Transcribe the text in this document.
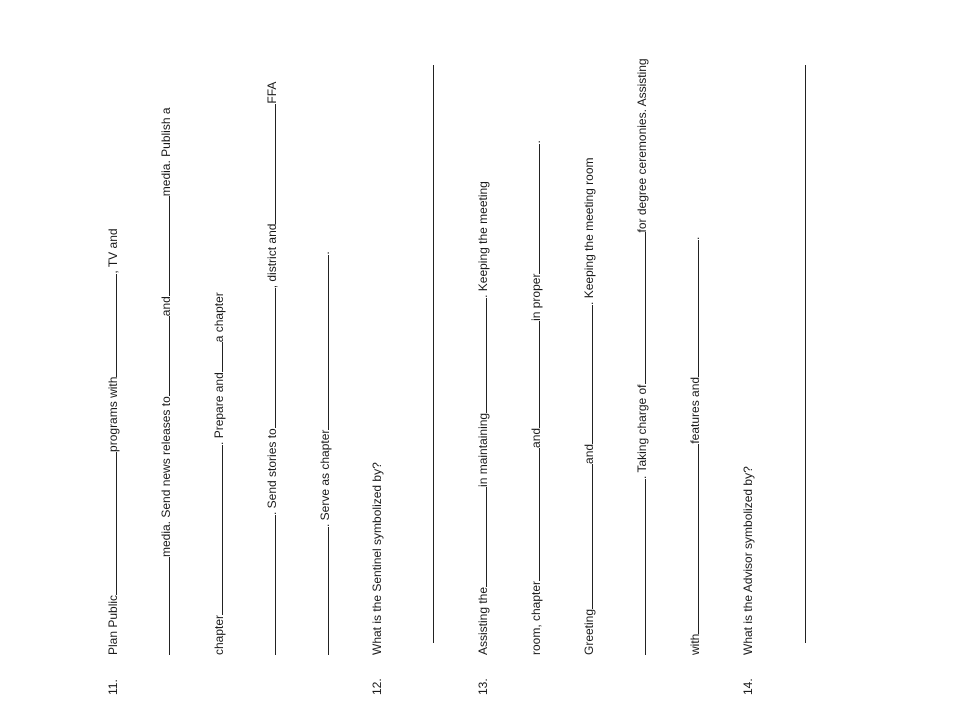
11.
Plan Publicprograms with, TV and
media. Send news releases toandmedia. Publish a
chapter. Prepare anda chapter
. Send stories to, district andFFA
. Serve as chapter.
12.
What is the Sentinel symbolized by?
13.
Assisting thein maintaining. Keeping the meeting
room, chapterandin proper.
Greetingand. Keeping the meeting room
. Taking charge offor degree ceremonies. Assisting
withfeatures and.
14.
What is the Advisor symbolized by?
